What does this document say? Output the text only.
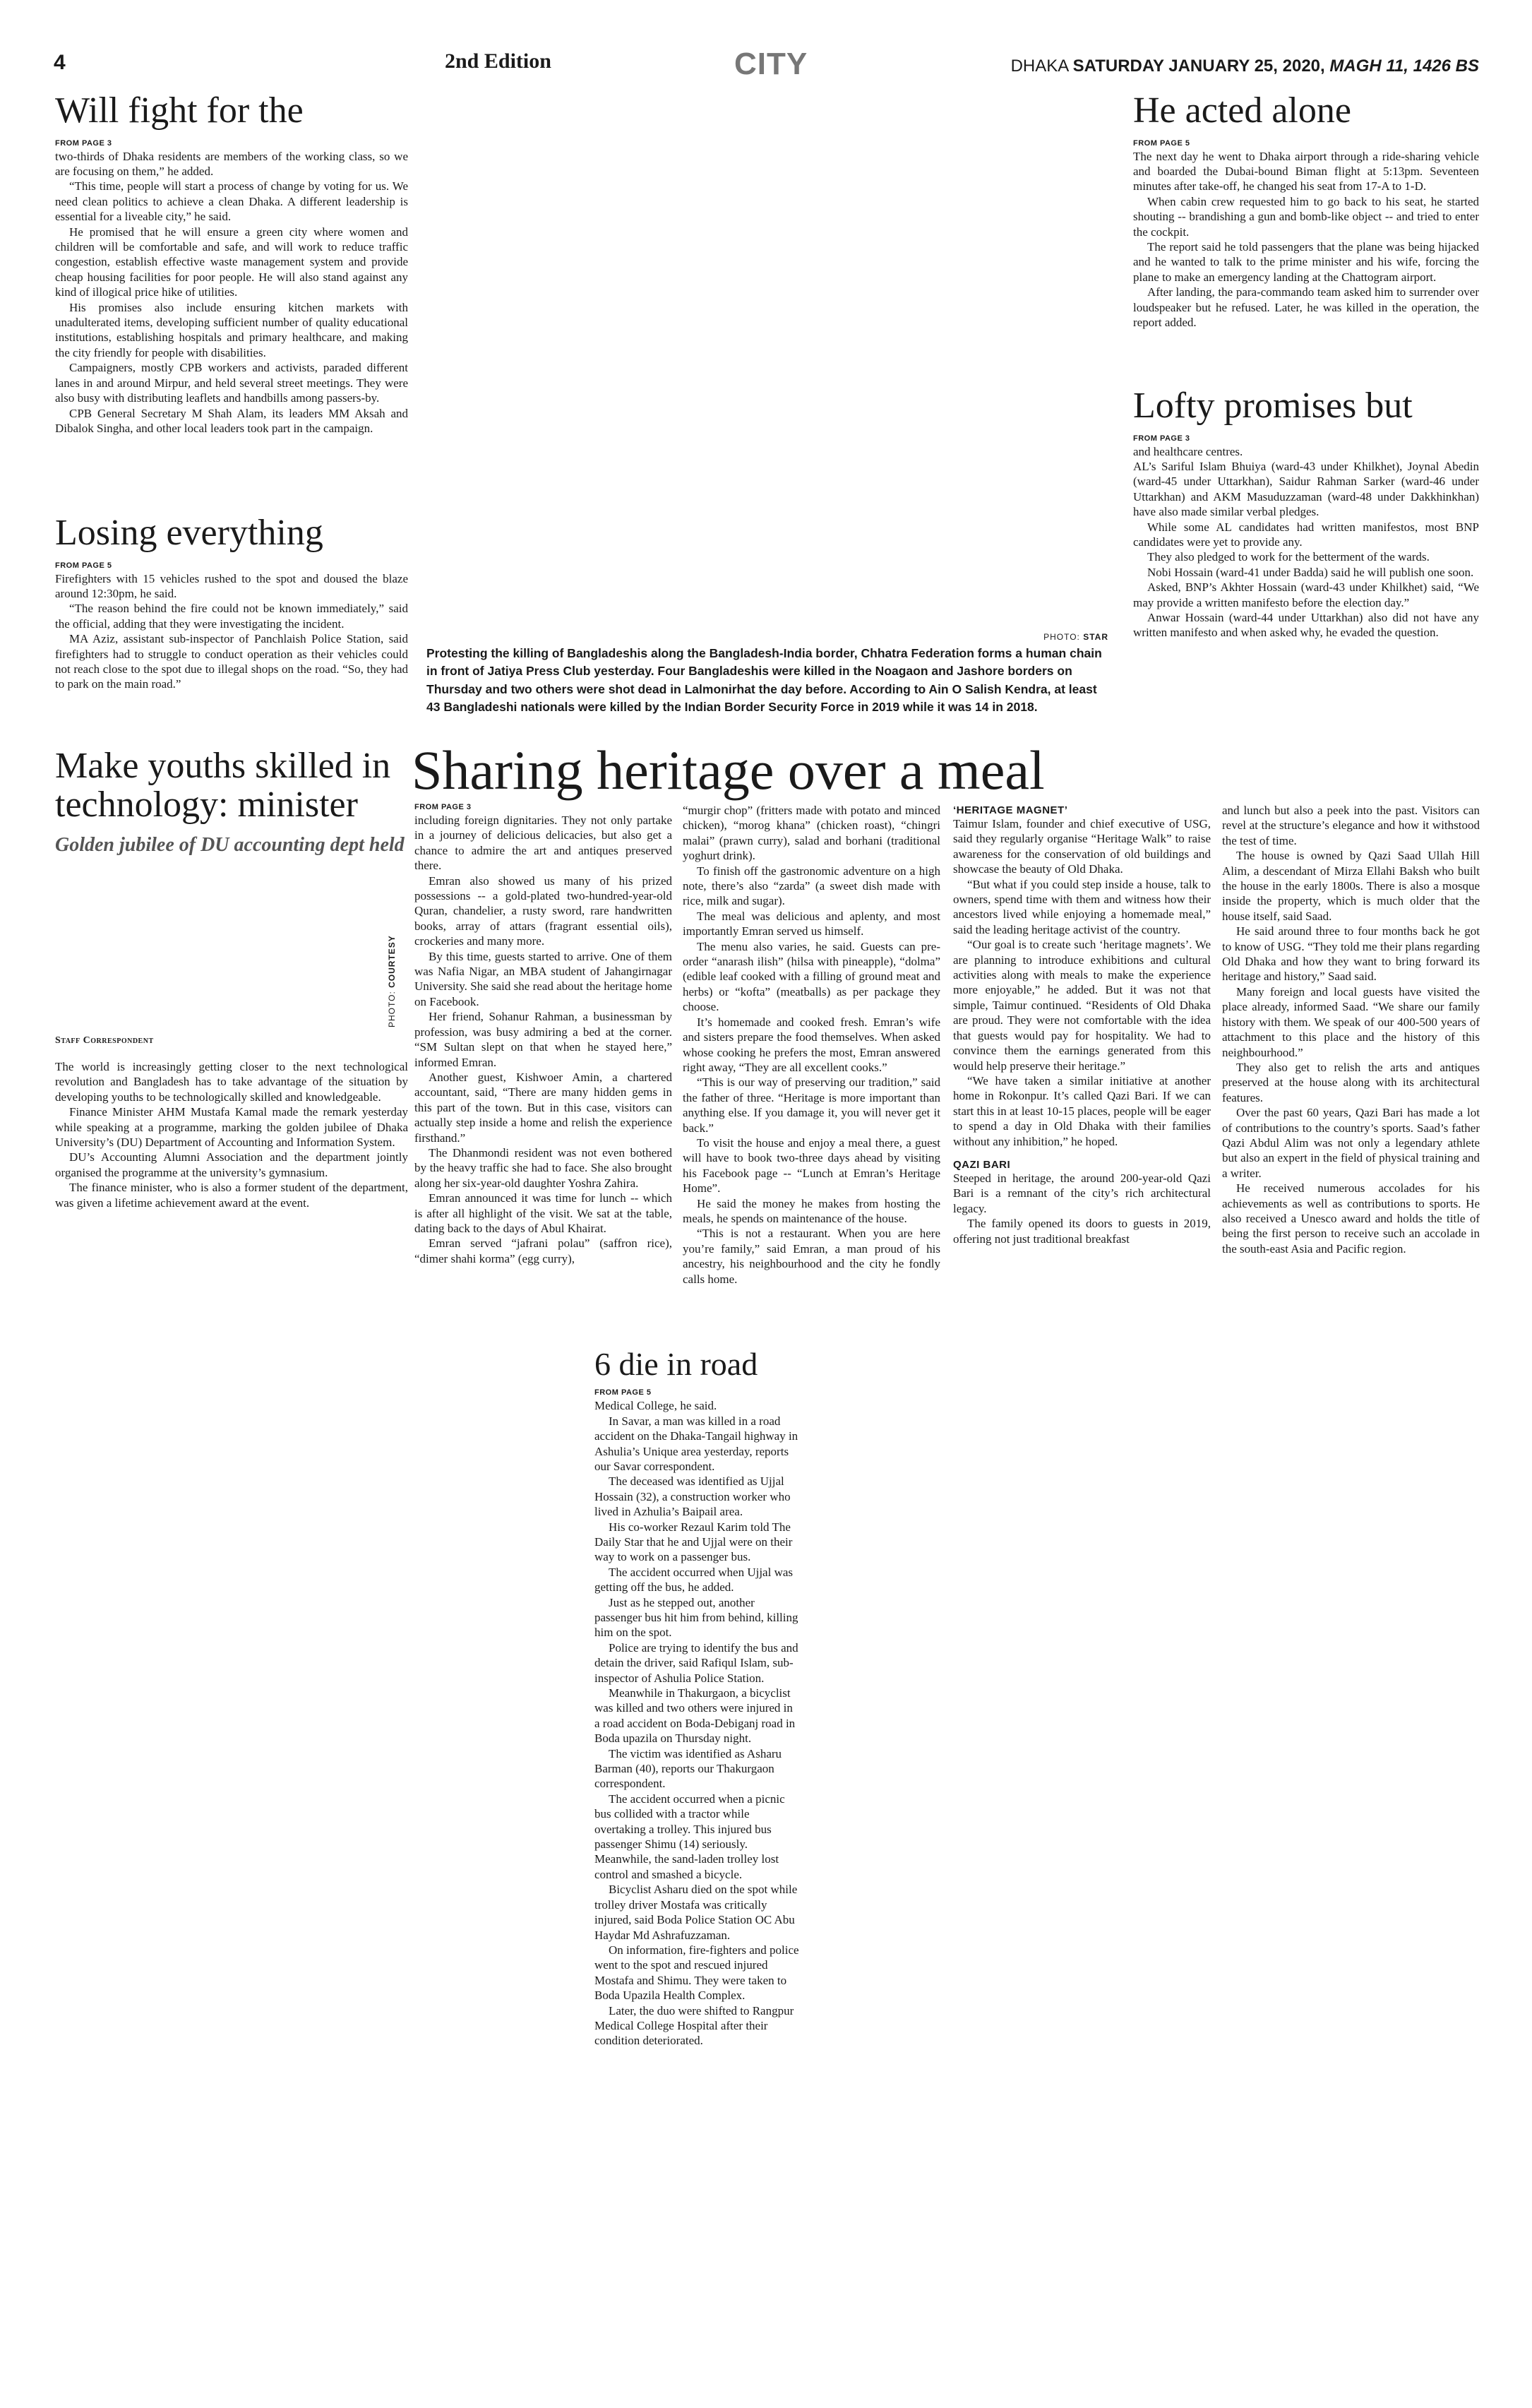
4	2nd Edition	CITY	DHAKA SATURDAY JANUARY 25, 2020, MAGH 11, 1426 BS
Will fight for the
FROM PAGE 3

two-thirds of Dhaka residents are members of the working class, so we are focusing on them,” he added.

“This time, people will start a process of change by voting for us. We need clean politics to achieve a clean Dhaka. A different leadership is essential for a liveable city,” he said.

He promised that he will ensure a green city where women and children will be comfortable and safe, and will work to reduce traffic congestion, establish effective waste management system and provide cheap housing facilities for poor people. He will also stand against any kind of illogical price hike of utilities.

His promises also include ensuring kitchen markets with unadulterated items, developing sufficient number of quality educational institutions, establishing hospitals and primary healthcare, and making the city friendly for people with disabilities.

Campaigners, mostly CPB workers and activists, paraded different lanes in and around Mirpur, and held several street meetings. They were also busy with distributing leaflets and handbills among passers-by.

CPB General Secretary M Shah Alam, its leaders MM Aksah and Dibalok Singha, and other local leaders took part in the campaign.

Losing everything
FROM PAGE 5

Firefighters with 15 vehicles rushed to the spot and doused the blaze around 12:30pm, he said.

“The reason behind the fire could not be known immediately,” said the official, adding that they were investigating the incident.

MA Aziz, assistant sub-inspector of Panchlaish Police Station, said firefighters had to struggle to conduct operation as their vehicles could not reach close to the spot due to illegal shops on the road. “So, they had to park on the main road.”

PHOTO: STAR
Protesting the killing of Bangladeshis along the Bangladesh-India border, Chhatra Federation forms a human chain in front of Jatiya Press Club yesterday. Four Bangladeshis were killed in the Noagaon and Jashore borders on Thursday and two others were shot dead in Lalmonirhat the day before. According to Ain O Salish Kendra, at least 43 Bangladeshi nationals were killed by the Indian Border Security Force in 2019 while it was 14 in 2018.
He acted alone
FROM PAGE 5

The next day he went to Dhaka airport through a ride-sharing vehicle and boarded the Dubai-bound Biman flight at 5:13pm. Seventeen minutes after take-off, he changed his seat from 17-A to 1-D.

When cabin crew requested him to go back to his seat, he started shouting -- brandishing a gun and bomb-like object -- and tried to enter the cockpit.

The report said he told passengers that the plane was being hijacked and he wanted to talk to the prime minister and his wife, forcing the plane to make an emergency landing at the Chattogram airport.

After landing, the para-commando team asked him to surrender over loudspeaker but he refused. Later, he was killed in the operation, the report added.

Lofty promises but
FROM PAGE 3

and healthcare centres.

AL’s Sariful Islam Bhuiya (ward-43 under Khilkhet), Joynal Abedin (ward-45 under Uttarkhan), Saidur Rahman Sarker (ward-46 under Uttarkhan) and AKM Masuduzzaman (ward-48 under Dakkhinkhan) have also made similar verbal pledges.

While some AL candidates had written manifestos, most BNP candidates were yet to provide any.

They also pledged to work for the betterment of the wards.

Nobi Hossain (ward-41 under Badda) said he will publish one soon.

Asked, BNP’s Akhter Hossain (ward-43 under Khilkhet) said, “We may provide a written manifesto before the election day.”

Anwar Hossain (ward-44 under Uttarkhan) also did not have any written manifesto and when asked why, he evaded the question.

Make youths skilled in technology: minister
Golden jubilee of DU accounting dept held
Staff Correspondent

The world is increasingly getting closer to the next technological revolution and Bangladesh has to take advantage of the situation by developing youths to be technologically skilled and knowledgeable.

Finance Minister AHM Mustafa Kamal made the remark yesterday while speaking at a programme, marking the golden jubilee of Dhaka University’s (DU) Department of Accounting and Information System.

DU’s Accounting Alumni Association and the department jointly organised the programme at the university’s gymnasium.

The finance minister, who is also a former student of the department, was given a lifetime achievement award at the event.

Sharing heritage over a meal
PHOTO: COURTESY
FROM PAGE 3

including foreign dignitaries. They not only partake in a journey of delicious delicacies, but also get a chance to admire the art and antiques preserved there.

Emran also showed us many of his prized possessions -- a gold-plated two-hundred-year-old Quran, chandelier, a rusty sword, rare handwritten books, array of attars (fragrant essential oils), crockeries and many more.

By this time, guests started to arrive. One of them was Nafia Nigar, an MBA student of Jahangirnagar University. She said she read about the heritage home on Facebook.

Her friend, Sohanur Rahman, a businessman by profession, was busy admiring a bed at the corner. “SM Sultan slept on that when he stayed here,” informed Emran.

Another guest, Kishwoer Amin, a chartered accountant, said, “There are many hidden gems in this part of the town. But in this case, visitors can actually step inside a home and relish the experience firsthand.”

The Dhanmondi resident was not even bothered by the heavy traffic she had to face. She also brought along her six-year-old daughter Yoshra Zahira.

Emran announced it was time for lunch -- which is after all highlight of the visit. We sat at the table, dating back to the days of Abul Khairat.

Emran served “jafrani polau” (saffron rice), “dimer shahi korma” (egg curry),

“murgir chop” (fritters made with potato and minced chicken), “morog khana” (chicken roast), “chingri malai” (prawn curry), salad and borhani (traditional yoghurt drink).

To finish off the gastronomic adventure on a high note, there’s also “zarda” (a sweet dish made with rice, milk and sugar).

The meal was delicious and aplenty, and most importantly Emran served us himself.

The menu also varies, he said. Guests can pre-order “anarash ilish” (hilsa with pineapple), “dolma” (edible leaf cooked with a filling of ground meat and herbs) or “kofta” (meatballs) as per package they choose.

It’s homemade and cooked fresh. Emran’s wife and sisters prepare the food themselves. When asked whose cooking he prefers the most, Emran answered right away, “They are all excellent cooks.”

“This is our way of preserving our tradition,” said the father of three. “Heritage is more important than anything else. If you damage it, you will never get it back.”

To visit the house and enjoy a meal there, a guest will have to book two-three days ahead by visiting his Facebook page -- “Lunch at Emran’s Heritage Home”.

He said the money he makes from hosting the meals, he spends on maintenance of the house.

“This is not a restaurant. When you are here you’re family,” said Emran, a man proud of his ancestry, his neighbourhood and the city he fondly calls home.

‘HERITAGE MAGNET’

Taimur Islam, founder and chief executive of USG, said they regularly organise “Heritage Walk” to raise awareness for the conservation of old buildings and showcase the beauty of Old Dhaka.

“But what if you could step inside a house, talk to owners, spend time with them and witness how their ancestors lived while enjoying a homemade meal,” said the leading heritage activist of the country.

“Our goal is to create such ‘heritage magnets’. We are planning to introduce exhibitions and cultural activities along with meals to make the experience more enjoyable,” he added. But it was not that simple, Taimur continued. “Residents of Old Dhaka are proud. They were not comfortable with the idea that guests would pay for hospitality. We had to convince them the earnings generated from this would help preserve their heritage.”

“We have taken a similar initiative at another home in Rokonpur. It’s called Qazi Bari. If we can start this in at least 10-15 places, people will be eager to spend a day in Old Dhaka with their families without any inhibition,” he hoped.

QAZI BARI

Steeped in heritage, the around 200-year-old Qazi Bari is a remnant of the city’s rich architectural legacy.

The family opened its doors to guests in 2019, offering not just traditional breakfast

and lunch but also a peek into the past. Visitors can revel at the structure’s elegance and how it withstood the test of time.

The house is owned by Qazi Saad Ullah Hill Alim, a descendant of Mirza Ellahi Baksh who built the house in the early 1800s. There is also a mosque inside the property, which is much older that the house itself, said Saad.

He said around three to four months back he got to know of USG. “They told me their plans regarding Old Dhaka and how they want to bring forward its heritage and history,” Saad said.

Many foreign and local guests have visited the place already, informed Saad. “We share our family history with them. We speak of our 400-500 years of attachment to this place and the history of this neighbourhood.”

They also get to relish the arts and antiques preserved at the house along with its architectural features.

Over the past 60 years, Qazi Bari has made a lot of contributions to the country’s sports. Saad’s father Qazi Abdul Alim was not only a legendary athlete but also an expert in the field of physical training and a writer.

He received numerous accolades for his achievements as well as contributions to sports. He also received a Unesco award and holds the title of being the first person to receive such an accolade in the south-east Asia and Pacific region.

6 die in road
FROM PAGE 5

Medical College, he said.

In Savar, a man was killed in a road accident on the Dhaka-Tangail highway in Ashulia’s Unique area yesterday, reports our Savar correspondent.

The deceased was identified as Ujjal Hossain (32), a construction worker who lived in Azhulia’s Baipail area.

His co-worker Rezaul Karim told The Daily Star that he and Ujjal were on their way to work on a passenger bus.

The accident occurred when Ujjal was getting off the bus, he added.

Just as he stepped out, another passenger bus hit him from behind, killing him on the spot.

Police are trying to identify the bus and detain the driver, said Rafiqul Islam, sub-inspector of Ashulia Police Station.

Meanwhile in Thakurgaon, a bicyclist was killed and two others were injured in a road accident on Boda-Debiganj road in Boda upazila on Thursday night.

The victim was identified as Asharu Barman (40), reports our Thakurgaon correspondent.

The accident occurred when a picnic bus collided with a tractor while overtaking a trolley. This injured bus passenger Shimu (14) seriously. Meanwhile, the sand-laden trolley lost control and smashed a bicycle.

Bicyclist Asharu died on the spot while trolley driver Mostafa was critically injured, said Boda Police Station OC Abu Haydar Md Ashrafuzzaman.

On information, fire-fighters and police went to the spot and rescued injured Mostafa and Shimu. They were taken to Boda Upazila Health Complex.

Later, the duo were shifted to Rangpur Medical College Hospital after their condition deteriorated.
